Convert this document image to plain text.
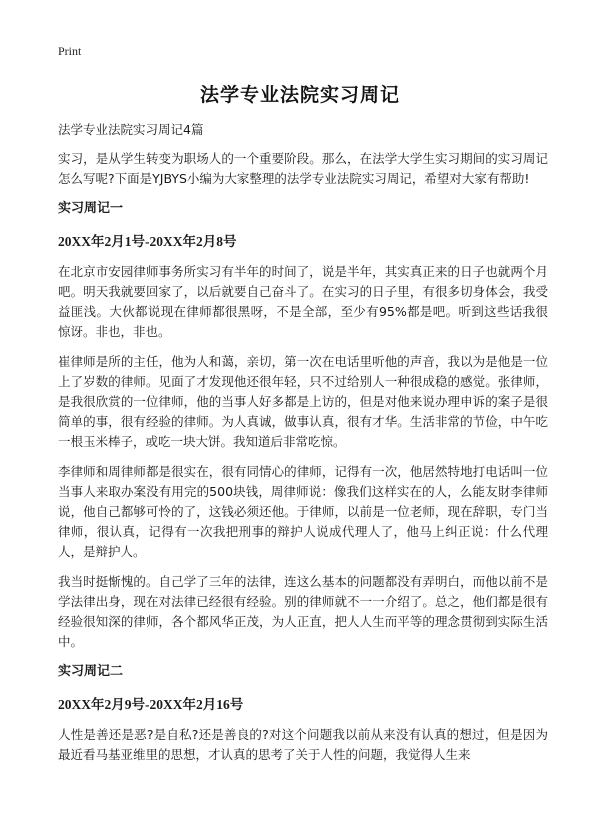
Print
法学专业法院实习周记
法学专业法院实习周记4篇

实习，是从学生转变为职场人的一个重要阶段。那么，在法学大学生实习期间的实习周记怎么写呢?下面是YJBYS小编为大家整理的法学专业法院实习周记，希望对大家有帮助!

实习周记一
20XX年2月1号-20XX年2月8号

在北京市安园律师事务所实习有半年的时间了，说是半年，其实真正来的日子也就两个月吧。明天我就要回家了，以后就要自己奋斗了。在实习的日子里，有很多切身体会，我受益匪浅。大伙都说现在律师都很黑呀，不是全部，至少有95%都是吧。听到这些话我很惊讶。非也，非也。

崔律师是所的主任，他为人和蔼，亲切，第一次在电话里听他的声音，我以为是他是一位上了岁数的律师。见面了才发现他还很年轻，只不过给别人一种很成稳的感觉。张律师，是我很欣赏的一位律师，他的当事人好多都是上访的，但是对他来说办理申诉的案子是很简单的事，很有经验的律师。为人真诚，做事认真，很有才华。生活非常的节俭，中午吃一根玉米棒子，或吃一块大饼。我知道后非常吃惊。

李律师和周律师都是很实在，很有同情心的律师，记得有一次，他居然特地打电话叫一位当事人来取办案没有用完的500块钱，周律师说：像我们这样实在的人，么能友財李律师说，他自己都够可怜的了，这钱必须还他。于律师，以前是一位老师，现在辞职，专门当律师，很认真，记得有一次我把刑事的辩护人说成代理人了，他马上纠正说：什么代理人，是辩护人。

我当时挺惭愧的。自己学了三年的法律，连这么基本的问题都没有弄明白，而他以前不是学法律出身，现在对法律已经很有经验。别的律师就不一一介绍了。总之，他们都是很有经验很知深的律师，各个都风华正茂，为人正直，把人人生而平等的理念贯彻到实际生活中。

实习周记二
20XX年2月9号-20XX年2月16号

人性是善还是恶?是自私?还是善良的?对这个问题我以前从来没有认真的想过，但是因为最近看马基亚维里的思想，才认真的思考了关于人性的问题，我觉得人生来
